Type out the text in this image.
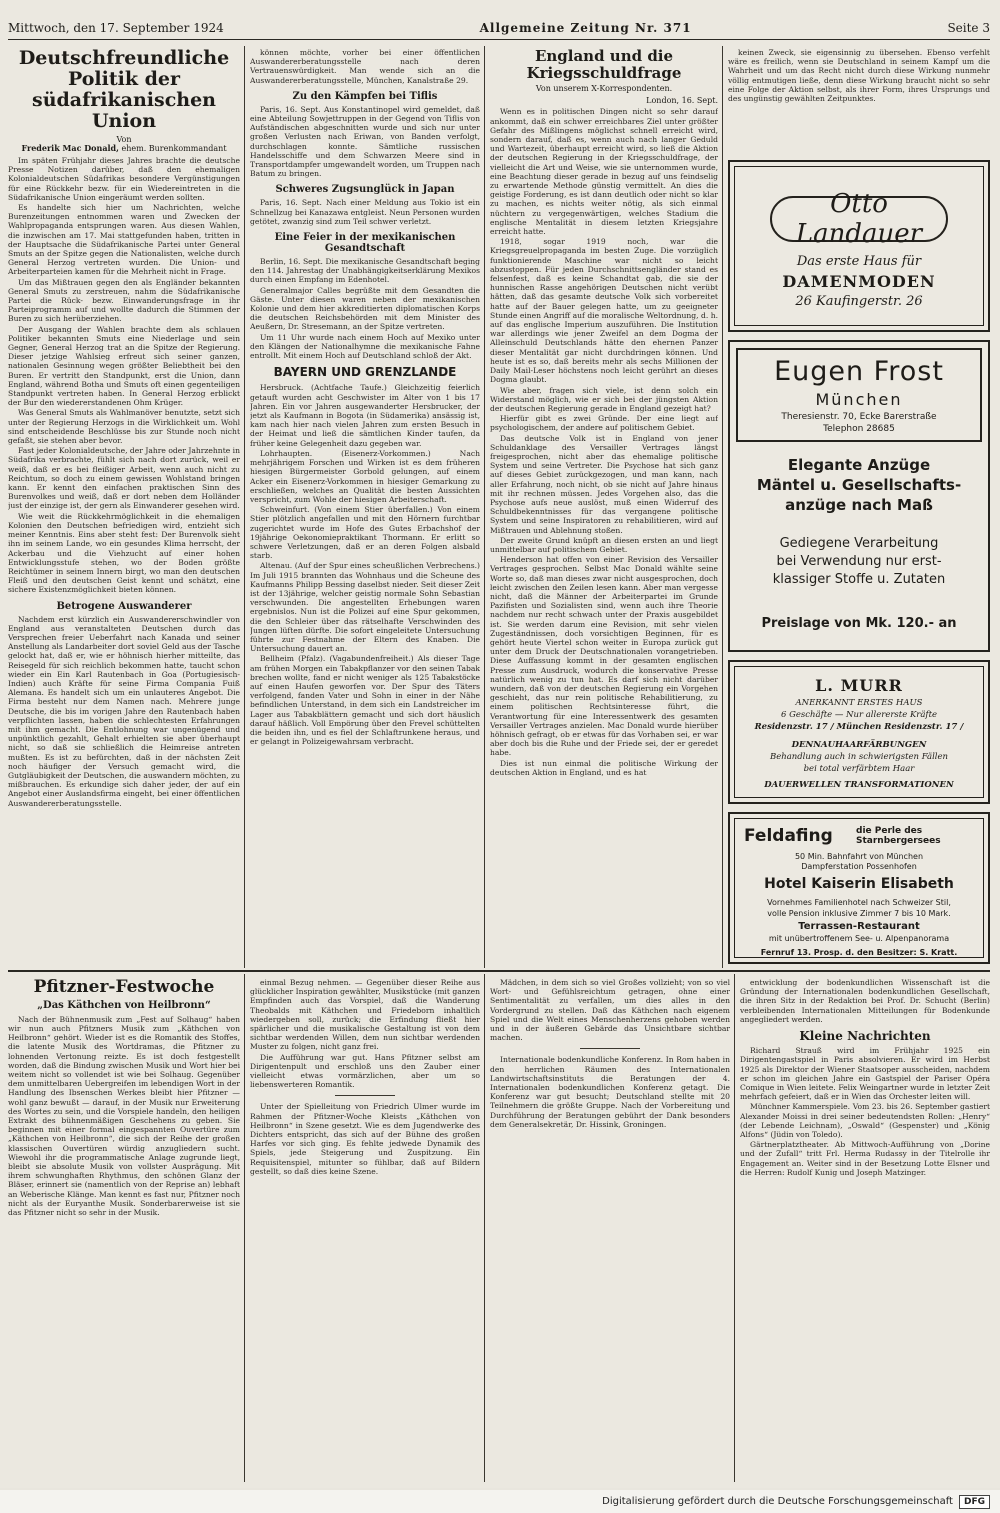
Mittwoch, den 17. September 1924	Allgemeine Zeitung Nr. 371	Seite 3
Deutschfreundliche Politik der südafrikanischen Union
Von
Frederik Mac Donald, ehem. Burenkommandant

Im späten Frühjahr dieses Jahres brachte die deutsche Presse Notizen darüber, daß den ehemaligen Kolonialdeutschen Südafrikas besondere Vergünstigungen für eine Rückkehr bezw. für ein Wiedereintreten in die Südafrikanische Union eingeräumt werden sollten.

Es handelte sich hier um Nachrichten, welche Burenzeitungen entnommen waren und Zwecken der Wahlpropaganda entsprungen waren. Aus diesen Wahlen, die inzwischen am 17. Mai stattgefunden haben, tritten in der Hauptsache die Südafrikanische Partei unter General Smuts an der Spitze gegen die Nationalisten, welche durch General Herzog vertreten wurden. Die Union- und Arbeiterparteien kamen für die Mehrheit nicht in Frage.

Um das Mißtrauen gegen den als Engländer bekannten General Smuts zu zerstreuen, nahm die Südafrikanische Partei die Rück- bezw. Einwanderungsfrage in ihr Parteiprogramm auf und wollte dadurch die Stimmen der Buren zu sich herüberziehen.

Der Ausgang der Wahlen brachte dem als schlauen Politiker bekannten Smuts eine Niederlage und sein Gegner, General Herzog trat an die Spitze der Regierung. Dieser jetzige Wahlsieg erfreut sich seiner ganzen, nationalen Gesinnung wegen größter Beliebtheit bei den Buren. Er vertritt den Standpunkt, erst die Union, dann England, während Botha und Smuts oft einen gegenteiligen Standpunkt vertreten haben. In General Herzog erblickt der Bur den wiedererstandenen Ohm Krüger.

Was General Smuts als Wahlmanöver benutzte, setzt sich unter der Regierung Herzogs in die Wirklichkeit um. Wohl sind entscheidende Beschlüsse bis zur Stunde noch nicht gefaßt, sie stehen aber bevor.

Fast jeder Kolonialdeutsche, der Jahre oder Jahrzehnte in Südafrika verbrachte, fühlt sich nach dort zurück, weil er weiß, daß er es bei fleißiger Arbeit, wenn auch nicht zu Reichtum, so doch zu einem gewissen Wohlstand bringen kann. Er kennt den einfachen praktischen Sinn des Burenvolkes und weiß, daß er dort neben dem Holländer just der einzige ist, der gern als Einwanderer gesehen wird.

Wie weit die Rückkehrmöglichkeit in die ehemaligen Kolonien den Deutschen befriedigen wird, entzieht sich meiner Kenntnis. Eins aber steht fest: Der Burenvolk sieht ihn im seinem Lande, wo ein gesundes Klima herrscht, der Ackerbau und die Viehzucht auf einer hohen Entwicklungsstufe stehen, wo der Boden größte Reichtümer in seinem Innern birgt, wo man den deutschen Fleiß und den deutschen Geist kennt und schätzt, eine sichere Existenzmöglichkeit bieten können.

Betrogene Auswanderer

Nachdem erst kürzlich ein Auswandererschwindler von England aus veranstalteten Deutschen durch das Versprechen freier Ueberfahrt nach Kanada und seiner Anstellung als Landarbeiter dort soviel Geld aus der Tasche gelockt hat, daß er, wie er höhnisch hierher mitteilte, das Reisegeld für sich reichlich bekommen hatte, taucht schon wieder ein Ein Karl Rautenbach in Goa (Portugiesisch-Indien) auch Kräfte für seine Firma Compania Fuiß Alemana. Es handelt sich um ein unlauteres Angebot. Die Firma besteht nur dem Namen nach. Mehrere junge Deutsche, die bis im vorigen Jahre den Rautenbach haben verpflichten lassen, haben die schlechtesten Erfahrungen mit ihm gemacht. Die Entlohnung war ungenügend und unpünktlich gezahlt, Gehalt erhielten sie aber überhaupt nicht, so daß sie schließlich die Heimreise antreten mußten. Es ist zu befürchten, daß in der nächsten Zeit noch häufiger der Versuch gemacht wird, die Gutgläubigkeit der Deutschen, die auswandern möchten, zu mißbrauchen. Es erkundige sich daher jeder, der auf ein Angebot einer Auslandsfirma eingeht, bei einer öffentlichen Auswandererberatungsstelle.

können möchte, vorher bei einer öffentlichen Auswandererberatungsstelle nach deren Vertrauenswürdigkeit. Man wende sich an die Auswandererberatungsstelle, München, Kanalstraße 29.

Zu den Kämpfen bei Tiflis

Paris, 16. Sept. Aus Konstantinopel wird gemeldet, daß eine Abteilung Sowjettruppen in der Gegend von Tiflis von Aufständischen abgeschnitten wurde und sich nur unter großen Verlusten nach Eriwan, von Banden verfolgt, durchschlagen konnte. Sämtliche russischen Handelsschiffe und dem Schwarzen Meere sind in Transportdampfer umgewandelt worden, um Truppen nach Batum zu bringen.

Schweres Zugsunglück in Japan

Paris, 16. Sept. Nach einer Meldung aus Tokio ist ein Schnellzug bei Kanazawa entgleist. Neun Personen wurden getötet, zwanzig sind zum Teil schwer verletzt.

Eine Feier in der mexikanischen Gesandtschaft

Berlin, 16. Sept. Die mexikanische Gesandtschaft beging den 114. Jahrestag der Unabhängigkeitserklärung Mexikos durch einen Empfang im Edenhotel.

Generalmajor Calles begrüßte mit dem Gesandten die Gäste. Unter diesen waren neben der mexikanischen Kolonie und dem hier akkreditierten diplomatischen Korps die deutschen Reichsbehörden mit dem Minister des Aeußern, Dr. Stresemann, an der Spitze vertreten.

Um 11 Uhr wurde nach einem Hoch auf Mexiko unter den Klängen der Nationalhymne die mexikanische Fahne entrollt. Mit einem Hoch auf Deutschland schloß der Akt.

BAYERN UND GRENZLANDE

Hersbruck. (Achtfache Taufe.) Gleichzeitig feierlich getauft wurden acht Geschwister im Alter von 1 bis 17 Jahren. Ein vor Jahren ausgewanderter Hersbrucker, der jetzt als Kaufmann in Bogota (in Südamerika) ansässig ist, kam nach hier nach vielen Jahren zum ersten Besuch in der Heimat und ließ die sämtlichen Kinder taufen, da früher keine Gelegenheit dazu gegeben war.

Lohrhaupten. (Eisenerz-Vorkommen.) Nach mehrjährigem Forschen und Wirken ist es dem früheren hiesigen Bürgermeister Gorbold gelungen, auf einem Acker ein Eisenerz-Vorkommen in hiesiger Gemarkung zu erschließen, welches an Qualität die besten Aussichten verspricht, zum Wohle der hiesigen Arbeiterschaft.

Schweinfurt. (Von einem Stier überfallen.) Von einem Stier plötzlich angefallen und mit den Hörnern furchtbar zugerichtet wurde im Hofe des Gutes Erbachshof der 19jährige Oekonomiepraktikant Thormann. Er erlitt so schwere Verletzungen, daß er an deren Folgen alsbald starb.

Altenau. (Auf der Spur eines scheußlichen Verbrechens.) Im Juli 1915 brannten das Wohnhaus und die Scheune des Kaufmanns Philipp Bessing daselbst nieder. Seit dieser Zeit ist der 13jährige, welcher geistig normale Sohn Sebastian verschwunden. Die angestellten Erhebungen waren ergebnislos. Nun ist die Polizei auf eine Spur gekommen, die den Schleier über das rätselhafte Verschwinden des Jungen lüften dürfte. Die sofort eingeleitete Untersuchung führte zur Festnahme der Eltern des Knaben. Die Untersuchung dauert an.

Bellheim (Pfalz). (Vagabundenfreiheit.) Als dieser Tage am frühen Morgen ein Tabakpflanzer vor den seinen Tabak brechen wollte, fand er nicht weniger als 125 Tabakstöcke auf einen Haufen geworfen vor. Der Spur des Täters verfolgend, fanden Vater und Sohn in einer in der Nähe befindlichen Unterstand, in dem sich ein Landstreicher im Lager aus Tabakblättern gemacht und sich dort häuslich darauf häßlich. Voll Empörung über den Frevel schüttelten die beiden ihn, und es fiel der Schlaftrunkene heraus, und er gelangt in Polizeigewahrsam verbracht.

England und die Kriegsschuldfrage
Von unserem X-Korrespondenten.
London, 16. Sept.

Wenn es in politischen Dingen nicht so sehr darauf ankommt, daß ein schwer erreichbares Ziel unter größter Gefahr des Mißlingens möglichst schnell erreicht wird, sondern darauf, daß es, wenn auch nach langer Geduld und Wartezeit, überhaupt erreicht wird, so ließ die Aktion der deutschen Regierung in der Kriegsschuldfrage, der vielleicht die Art und Weise, wie sie unternommen wurde, eine Beachtung dieser gerade in bezug auf uns feindselig zu erwartende Methode günstig vermittelt. An dies die geistige Forderung, es ist dann deutlich oder nicht so klar zu machen, es nichts weiter nötig, als sich einmal nüchtern zu vergegenwärtigen, welches Stadium die englische Mentalität in diesem letzten Kriegsjahre erreicht hatte.

1918, sogar 1919 noch, war die Kriegsgreuelpropaganda im besten Zuge. Die vorzüglich funktionierende Maschine war nicht so leicht abzustoppen. Für jeden Durchschnittsengländer stand es felsenfest, daß es keine Schandtat gab, die sie der hunnischen Rasse angehörigen Deutschen nicht verübt hätten, daß das gesamte deutsche Volk sich vorbereitet hatte auf der Bauer gelegen hatte, um zu geeigneter Stunde einen Angriff auf die moralische Weltordnung, d. h. auf das englische Imperium auszuführen. Die Institution war allerdings wie jener Zweifel an dem Dogma der Alleinschuld Deutschlands hätte den ehernen Panzer dieser Mentalität gar nicht durchdringen können. Und heute ist es so, daß bereits mehr als sechs Millionen der Daily Mail-Leser höchstens noch leicht gerührt an dieses Dogma glaubt.

Wie aber, fragen sich viele, ist denn solch ein Widerstand möglich, wie er sich bei der jüngsten Aktion der deutschen Regierung gerade in England gezeigt hat?

Hierfür gibt es zwei Gründe. Der eine liegt auf psychologischem, der andere auf politischem Gebiet.

Das deutsche Volk ist in England von jener Schuldanklage des Versailler Vertrages längst freigesprochen, nicht aber das ehemalige politische System und seine Vertreter. Die Psychose hat sich ganz auf dieses Gebiet zurückgezogen, und man kann, nach aller Erfahrung, noch nicht, ob sie nicht auf Jahre hinaus mit ihr rechnen müssen. Jedes Vorgehen also, das die Psychose aufs neue auslöst, muß einen Widerruf des Schuldbekenntnisses für das vergangene politische System und seine Inspiratoren zu rehabilitieren, wird auf Mißtrauen und Ablehnung stoßen.

Der zweite Grund knüpft an diesen ersten an und liegt unmittelbar auf politischem Gebiet.

Henderson hat offen von einer Revision des Versailler Vertrages gesprochen. Selbst Mac Donald wählte seine Worte so, daß man dieses zwar nicht ausgesprochen, doch leicht zwischen den Zeilen lesen kann. Aber man vergesse nicht, daß die Männer der Arbeiterpartei im Grunde Pazifisten und Sozialisten sind, wenn auch ihre Theorie nachdem nur recht schwach unter der Praxis ausgebildet ist. Sie werden darum eine Revision, mit sehr vielen Zugeständnissen, doch vorsichtigen Beginnen, für es gehört heute Viertel schon weiter in Europa zurück gut unter dem Druck der Deutschnationalen vorangetrieben. Diese Auffassung kommt in der gesamten englischen Presse zum Ausdruck, wodurch die konservative Presse natürlich wenig zu tun hat. Es darf sich nicht darüber wundern, daß von der deutschen Regierung ein Vorgehen geschieht, das nur rein politische Rehabilitierung, zu einem politischen Rechtsinteresse führt, die Verantwortung für eine Interessentwerk des gesamten Versailler Vertrages anzielen. Mac Donald wurde hierüber höhnisch gefragt, ob er etwas für das Vorhaben sei, er war aber doch bis die Ruhe und der Friede sei, der er geredet habe.

Dies ist nun einmal die politische Wirkung der deutschen Aktion in England, und es hat

keinen Zweck, sie eigensinnig zu übersehen. Ebenso verfehlt wäre es freilich, wenn sie Deutschland in seinem Kampf um die Wahrheit und um das Recht nicht durch diese Wirkung nunmehr völlig entmutigen ließe, denn diese Wirkung braucht nicht so sehr eine Folge der Aktion selbst, als ihrer Form, ihres Ursprungs und des ungünstig gewählten Zeitpunktes.

Otto Landauer
Das erste Haus für
DAMENMODEN
26 Kaufingerstr. 26
Eugen Frost
München
Theresienstr. 70, Ecke Barerstraße
Telephon 28685
Elegante Anzüge
Mäntel u. Gesellschafts-
anzüge nach Maß
Gediegene Verarbeitung
bei Verwendung nur erst-
klassiger Stoffe u. Zutaten
Preislage von Mk. 120.- an
L. MURR
ANERKANNT ERSTES HAUS
6 Geschäfte — Nur allererste Kräfte
Residenzstr. 17 / München Residenzstr. 17 /
DENNAUHAARFÄRBUNGEN
Behandlung auch in schwierigsten Fällen
bei total verfärbtem Haar
DAUERWELLEN TRANSFORMATIONEN
Feldafing	die Perle des
Starnbergersees
50 Min. Bahnfahrt von München
Dampferstation Possenhofen
Hotel Kaiserin Elisabeth
Vornehmes Familienhotel nach Schweizer Stil,
volle Pension inklusive Zimmer 7 bis 10 Mark.
Terrassen-Restaurant
mit unübertroffenem See- u. Alpenpanorama
Fernruf 13. Prosp. d. den Besitzer: S. Kratt.
Pfitzner-Festwoche
„Das Käthchen von Heilbronn“

Nach der Bühnenmusik zum „Fest auf Solhaug“ haben wir nun auch Pfitzners Musik zum „Käthchen von Heilbronn“ gehört. Wieder ist es die Romantik des Stoffes, die latente Musik des Wortdramas, die Pfitzner zu lohnenden Vertonung reizte. Es ist doch festgestellt worden, daß die Bindung zwischen Musik und Wort hier bei weitem nicht so vollendet ist wie bei Solhaug. Gegenüber dem unmittelbaren Uebergreifen im lebendigen Wort in der Handlung des Ibsenschen Werkes bleibt hier Pfitzner — wohl ganz bewußt — darauf, in der Musik nur Erweiterung des Wortes zu sein, und die Vorspiele handeln, den heiligen Extrakt des bühnenmäßigen Geschehens zu geben. Sie beginnen mit einer formal eingespannten Ouvertüre zum „Käthchen von Heilbronn“, die sich der Reihe der großen klassischen Ouvertüren würdig anzugliedern sucht. Wiewohl ihr die programmatische Anlage zugrunde liegt, bleibt sie absolute Musik von vollster Ausprägung. Mit ihrem schwunghaften Rhythmus, den schönen Glanz der Bläser, erinnert sie (namentlich von der Reprise an) lebhaft an Weberische Klänge. Man kennt es fast nur, Pfitzner noch nicht als der Euryanthe Musik. Sonderbarerweise ist sie das Pfitzner nicht so sehr in der Musik.

einmal Bezug nehmen. — Gegenüber dieser Reihe aus glücklicher Inspiration gewählter, Musikstücke (mit ganzen Empfinden auch das Vorspiel, daß die Wanderung Theobalds mit Käthchen und Friedeborn inhaltlich wiedergeben soll, zurück; die Erfindung fließt hier spärlicher und die musikalische Gestaltung ist von dem sichtbar werdenden Willen, dem nun sichtbar werdenden Muster zu folgen, nicht ganz frei.

Die Aufführung war gut. Hans Pfitzner selbst am Dirigentenpult und erschloß uns den Zauber einer vielleicht etwas vormärzlichen, aber um so liebenswerteren Romantik.

Unter der Spielleitung von Friedrich Ulmer wurde im Rahmen der Pfitzner-Woche Kleists „Käthchen von Heilbronn“ in Szene gesetzt. Wie es dem Jugendwerke des Dichters entspricht, das sich auf der Bühne des großen Harfes vor sich ging. Es fehlte jedwede Dynamik des Spiels, jede Steigerung und Zuspitzung. Ein Requisitenspiel, mitunter so fühlbar, daß auf Bildern gestellt, so daß dies keine Szene.

Mädchen, in dem sich so viel Großes vollzieht; von so viel Wort- und Gefühlsreichtum getragen, ohne einer Sentimentalität zu verfallen, um dies alles in den Vordergrund zu stellen. Daß das Käthchen nach eigenem Spiel und die Welt eines Menschenherzens gehoben werden und in der äußeren Gebärde das Unsichtbare sichtbar machen.

Internationale bodenkundliche Konferenz. In Rom haben in den herrlichen Räumen des Internationalen Landwirtschaftsinstituts die Beratungen der 4. Internationalen bodenkundlichen Konferenz getagt. Die Konferenz war gut besucht; Deutschland stellte mit 20 Teilnehmern die größte Gruppe. Nach der Vorbereitung und Durchführung der Beratungen gebührt der Dank besonders dem Generalsekretär, Dr. Hissink, Groningen.

entwicklung der bodenkundlichen Wissenschaft ist die Gründung der Internationalen bodenkundlichen Gesellschaft, die ihren Sitz in der Redaktion bei Prof. Dr. Schucht (Berlin) verbleibenden Internationalen Mitteilungen für Bodenkunde angegliedert werden.

Kleine Nachrichten

Richard Strauß wird im Frühjahr 1925 ein Dirigentengastspiel in Paris absolvieren. Er wird im Herbst 1925 als Direktor der Wiener Staatsoper ausscheiden, nachdem er schon im gleichen Jahre ein Gastspiel der Pariser Opéra Comique in Wien leitete. Felix Weingartner wurde in letzter Zeit mehrfach gefeiert, daß er in Wien das Orchester leiten will.

Münchner Kammerspiele. Vom 23. bis 26. September gastiert Alexander Moissi in drei seiner bedeutendsten Rollen: „Henry“ (der Lebende Leichnam), „Oswald“ (Gespenster) und „König Alfons“ (Jüdin von Toledo).

Gärtnerplatztheater. Ab Mittwoch-Aufführung von „Dorine und der Zufall“ tritt Frl. Herma Rudassy in der Titelrolle ihr Engagement an. Weiter sind in der Besetzung Lotte Elsner und die Herren: Rudolf Kunig und Joseph Matzinger.

Digitalisierung gefördert durch die Deutsche Forschungsgemeinschaft	DFG
